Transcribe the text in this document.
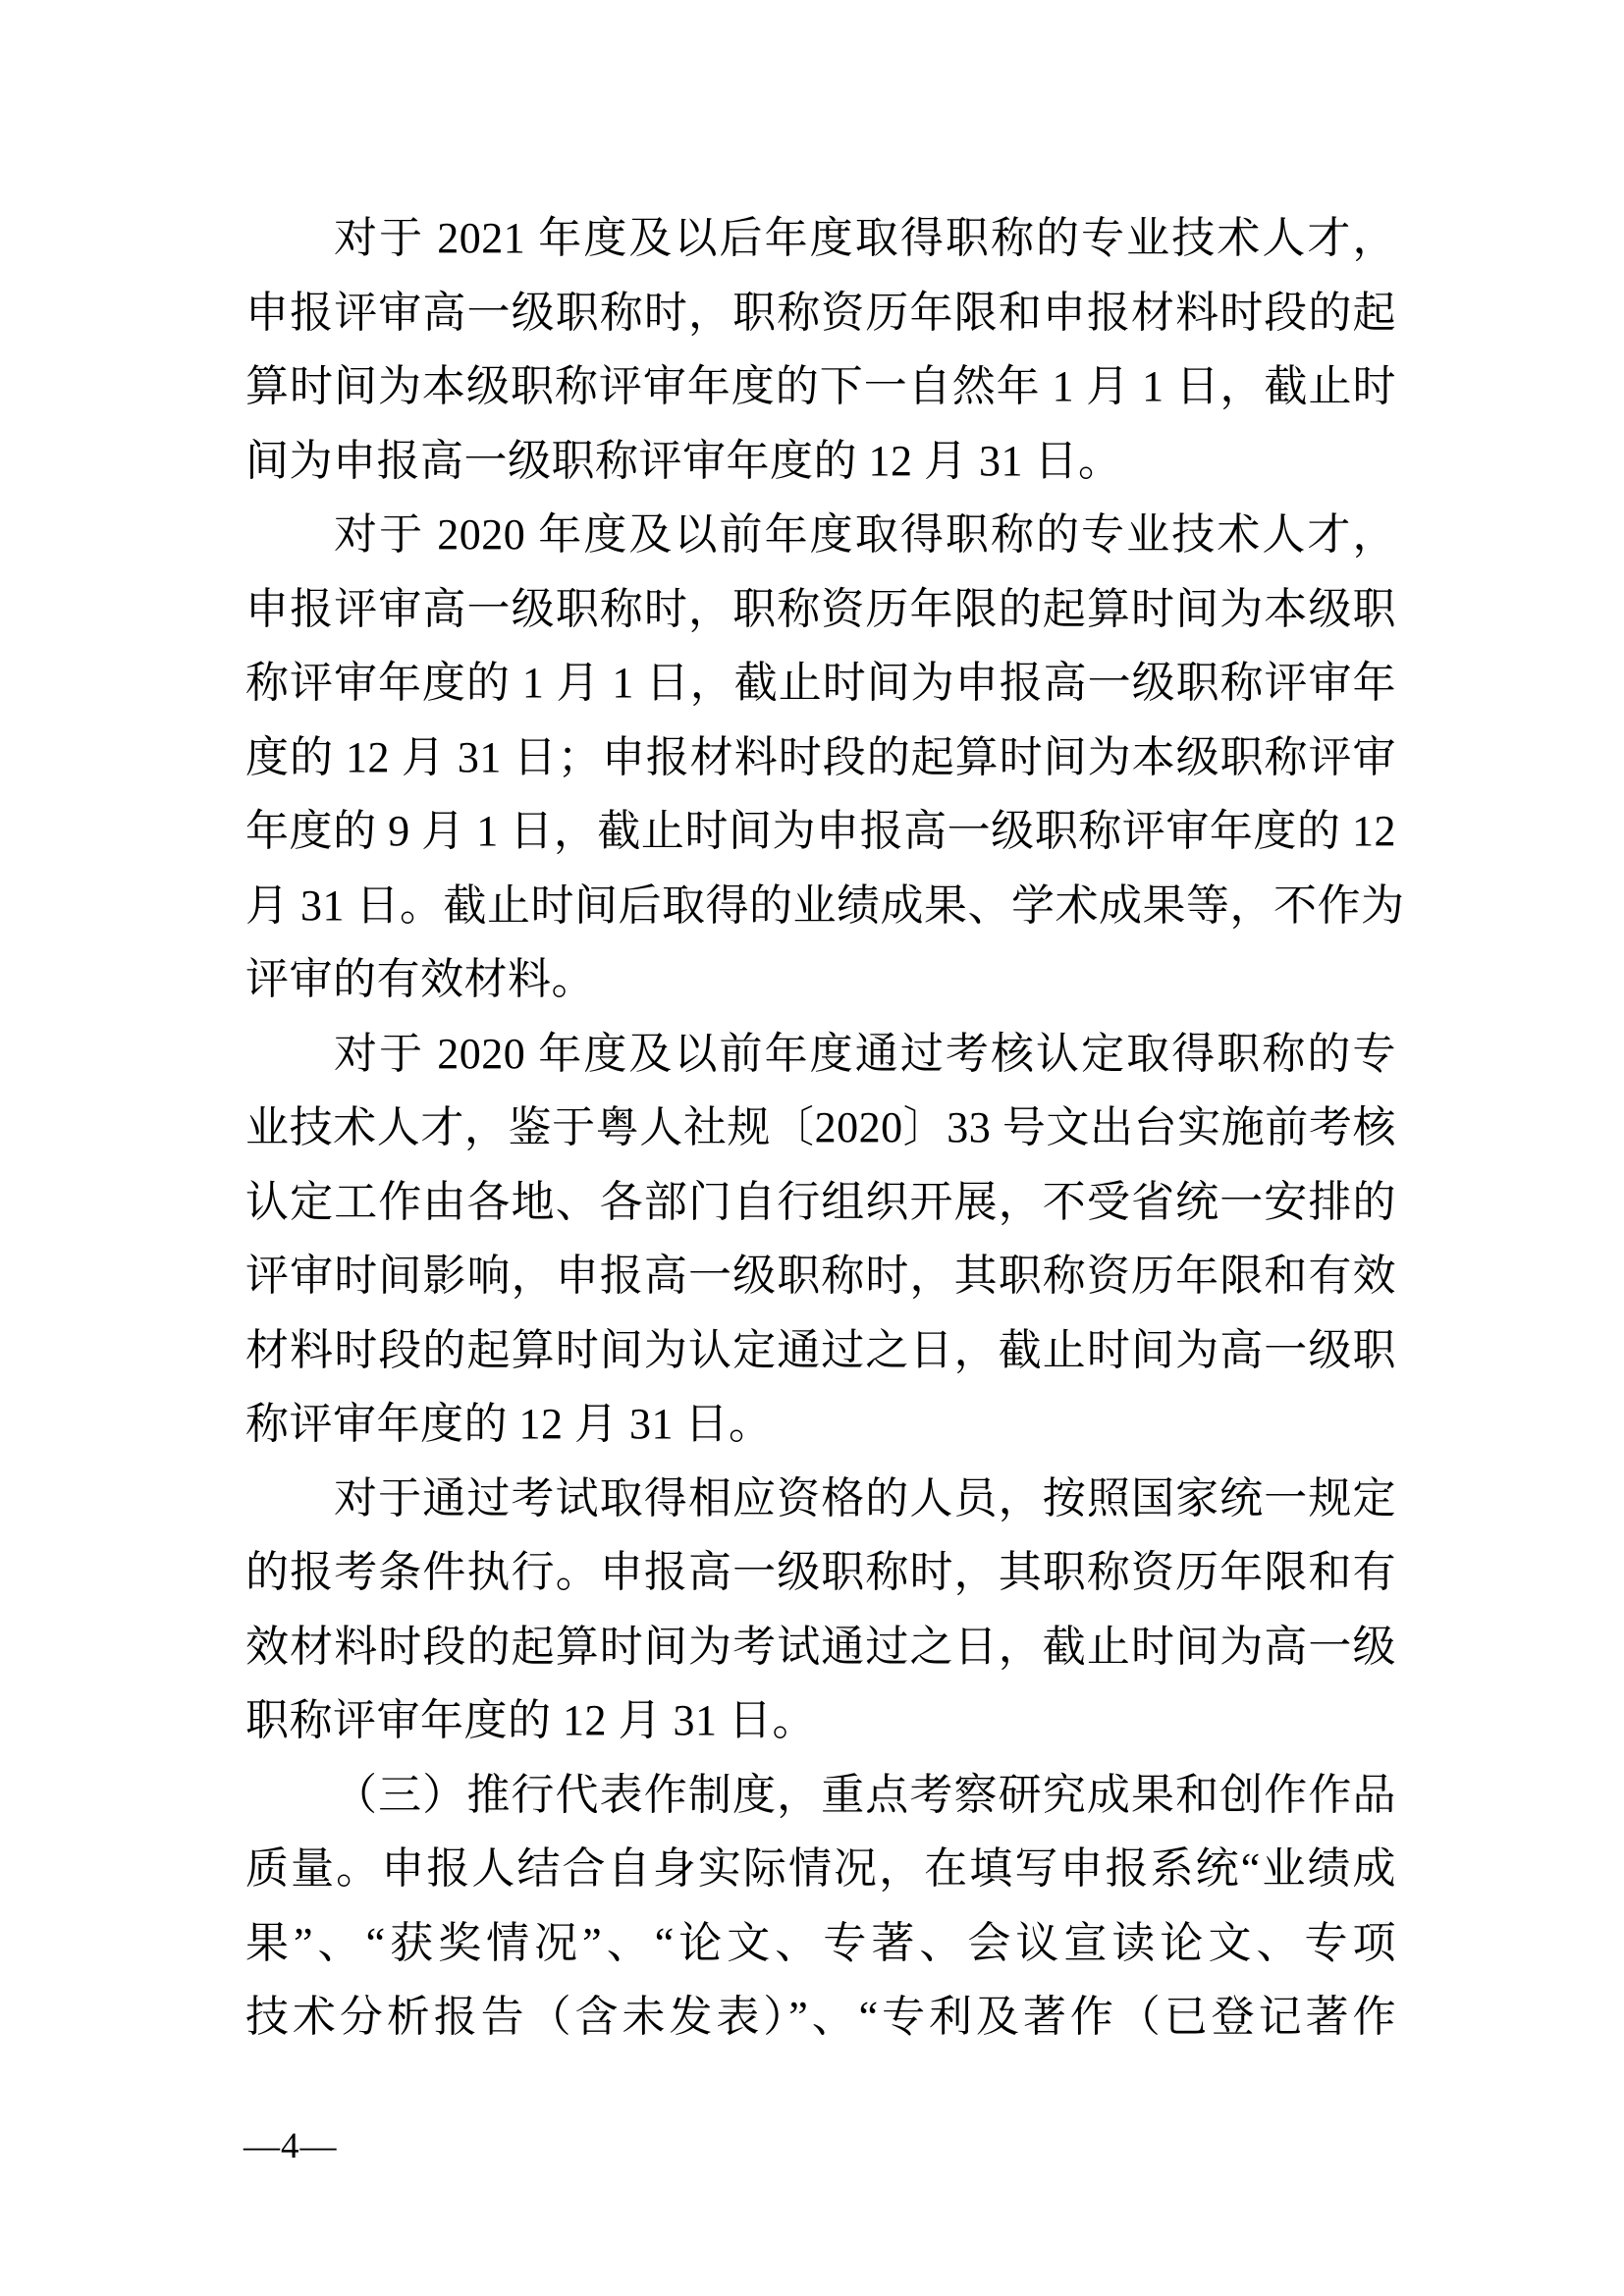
对于 2021 年度及以后年度取得职称的专业技术人才，
申报评审高一级职称时，职称资历年限和申报材料时段的起
算时间为本级职称评审年度的下一自然年 1 月 1 日，截止时
间为申报高一级职称评审年度的 12 月 31 日。
对于 2020 年度及以前年度取得职称的专业技术人才，
申报评审高一级职称时，职称资历年限的起算时间为本级职
称评审年度的 1 月 1 日，截止时间为申报高一级职称评审年
度的 12 月 31 日；申报材料时段的起算时间为本级职称评审
年度的 9 月 1 日，截止时间为申报高一级职称评审年度的 12
月 31 日。截止时间后取得的业绩成果、学术成果等，不作为
评审的有效材料。
对于 2020 年度及以前年度通过考核认定取得职称的专
业技术人才，鉴于粤人社规〔2020〕33 号文出台实施前考核
认定工作由各地、各部门自行组织开展，不受省统一安排的
评审时间影响，申报高一级职称时，其职称资历年限和有效
材料时段的起算时间为认定通过之日，截止时间为高一级职
称评审年度的 12 月 31 日。
对于通过考试取得相应资格的人员，按照国家统一规定
的报考条件执行。申报高一级职称时，其职称资历年限和有
效材料时段的起算时间为考试通过之日，截止时间为高一级
职称评审年度的 12 月 31 日。
（三）推行代表作制度，重点考察研究成果和创作作品
质量。申报人结合自身实际情况，在填写申报系统“业绩成
果”、“获奖情况”、“论文、专著、会议宣读论文、专项
技术分析报告（含未发表）”、“专利及著作（已登记著作
—4—
